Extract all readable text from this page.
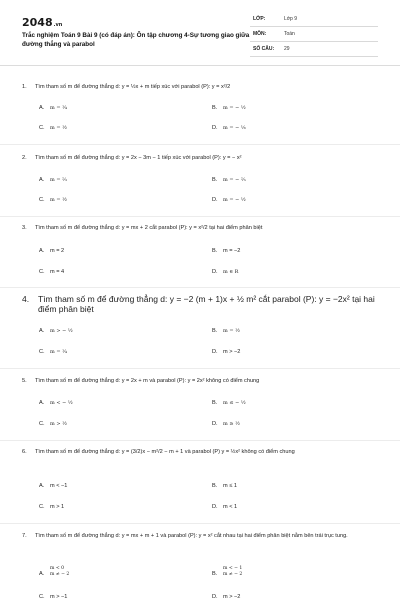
2048.vn
Trắc nghiệm Toán 9 Bài 9 (có đáp án): Ôn tập chương 4-Sự tương giao giữa đường thẳng và parabol
LỚP:	Lớp 9
MÔN:	Toán
SỐ CÂU: 29
1. Tìm tham số m để đường thẳng d: y = ½x + m tiếp xúc với parabol (P): y = x²/2
A. m = ¼	B. m = − ½
C. m = ½	D. m = − ⅛
2. Tìm tham số m để đường thẳng d: y = 2x − 3m − 1 tiếp xúc với parabol (P): y = − x²
A. m = ⅔	B. m = − ⅔
C. m = ½	D. m = − ½
3. Tìm tham số m để đường thẳng d: y = mx + 2 cắt parabol (P): y = x²/2 tại hai điểm phân biệt
A. m = 2	B. m = −2
C. m = 4	D. m ∈ R
4. Tìm tham số m để đường thẳng d: y = −2 (m + 1)x + ½ m² cắt parabol (P): y = −2x² tại hai điểm phân biệt
A. m > − ½	B. m = ½
C. m = ¼	D. m > −2
5. Tìm tham số m để đường thẳng d: y = 2x + m và parabol (P): y = 2x² không có điểm chung
A. m < − ½	B. m ≤ − ½
C. m > ½	D. m ≥ ½
6. Tìm tham số m để đường thẳng d: y = (3/2)x − m²/2 − m + 1 và parabol (P) y = ½x² không có điểm chung
A. m < −1	B. m ≤ 1
C. m > 1	D. m < 1
7. Tìm tham số m để đường thẳng d: y = mx + m + 1 và parabol (P): y = x² cắt nhau tại hai điểm phân biệt nằm bên trái trục tung.
A.
m < 0
m ≠ − 2	B.
m < − 1
m ≠ − 2
C. m > −1	D. m > −2
